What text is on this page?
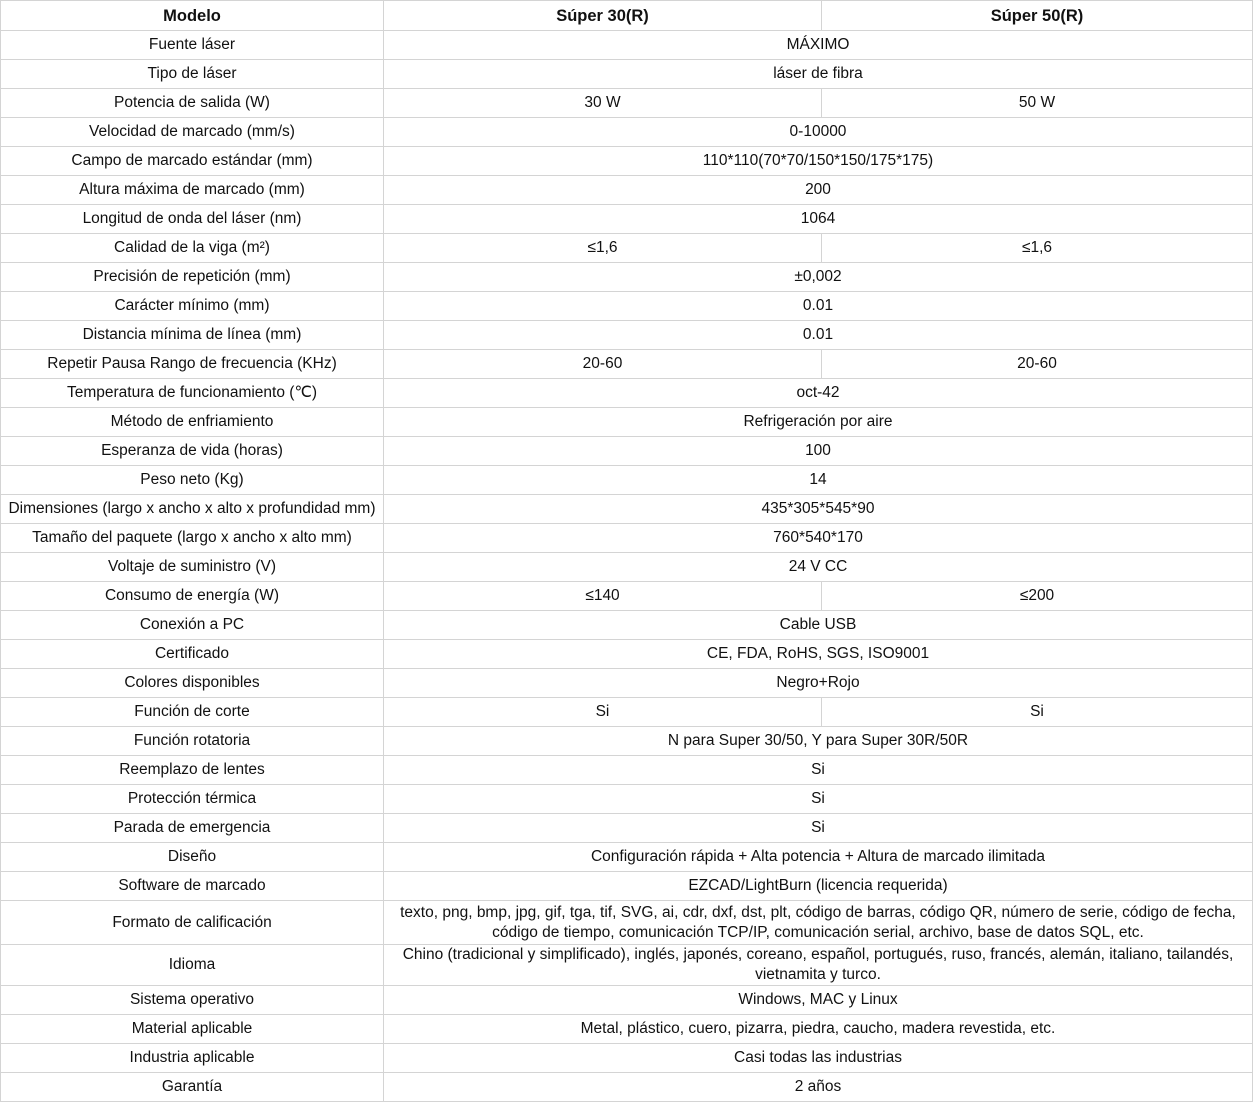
Modelo	Súper 30(R)	Súper 50(R)
Fuente láser	MÁXIMO	
Tipo de láser	láser de fibra	
Potencia de salida (W)	30 W	50 W
Velocidad de marcado (mm/s)	0-10000	
Campo de marcado estándar (mm)	110*110(70*70/150*150/175*175)	
Altura máxima de marcado (mm)	200	
Longitud de onda del láser (nm)	1064	
Calidad de la viga (m²)	≤1,6	≤1,6
Precisión de repetición (mm)	±0,002	
Carácter mínimo (mm)	0.01	
Distancia mínima de línea (mm)	0.01	
Repetir Pausa Rango de frecuencia (KHz)	20-60	20-60
Temperatura de funcionamiento (℃)	oct-42	
Método de enfriamiento	Refrigeración por aire	
Esperanza de vida (horas)	100	
Peso neto (Kg)	14	
Dimensiones (largo x ancho x alto x profundidad mm)	435*305*545*90	
Tamaño del paquete (largo x ancho x alto mm)	760*540*170	
Voltaje de suministro (V)	24 V CC	
Consumo de energía (W)	≤140	≤200
Conexión a PC	Cable USB	
Certificado	CE, FDA, RoHS, SGS, ISO9001	
Colores disponibles	Negro+Rojo	
Función de corte	Si	Si
Función rotatoria	N para Super 30/50, Y para Super 30R/50R	
Reemplazo de lentes	Si	
Protección térmica	Si	
Parada de emergencia	Si	
Diseño	Configuración rápida + Alta potencia + Altura de marcado ilimitada	
Software de marcado	EZCAD/LightBurn (licencia requerida)	
Formato de calificación	texto, png, bmp, jpg, gif, tga, tif, SVG, ai, cdr, dxf, dst, plt, código de barras, código QR, número de serie, código de fecha, código de tiempo, comunicación TCP/IP, comunicación serial, archivo, base de datos SQL, etc.	
Idioma	Chino (tradicional y simplificado), inglés, japonés, coreano, español, portugués, ruso, francés, alemán, italiano, tailandés, vietnamita y turco.	
Sistema operativo	Windows, MAC y Linux	
Material aplicable	Metal, plástico, cuero, pizarra, piedra, caucho, madera revestida, etc.	
Industria aplicable	Casi todas las industrias	
Garantía	2 años	
